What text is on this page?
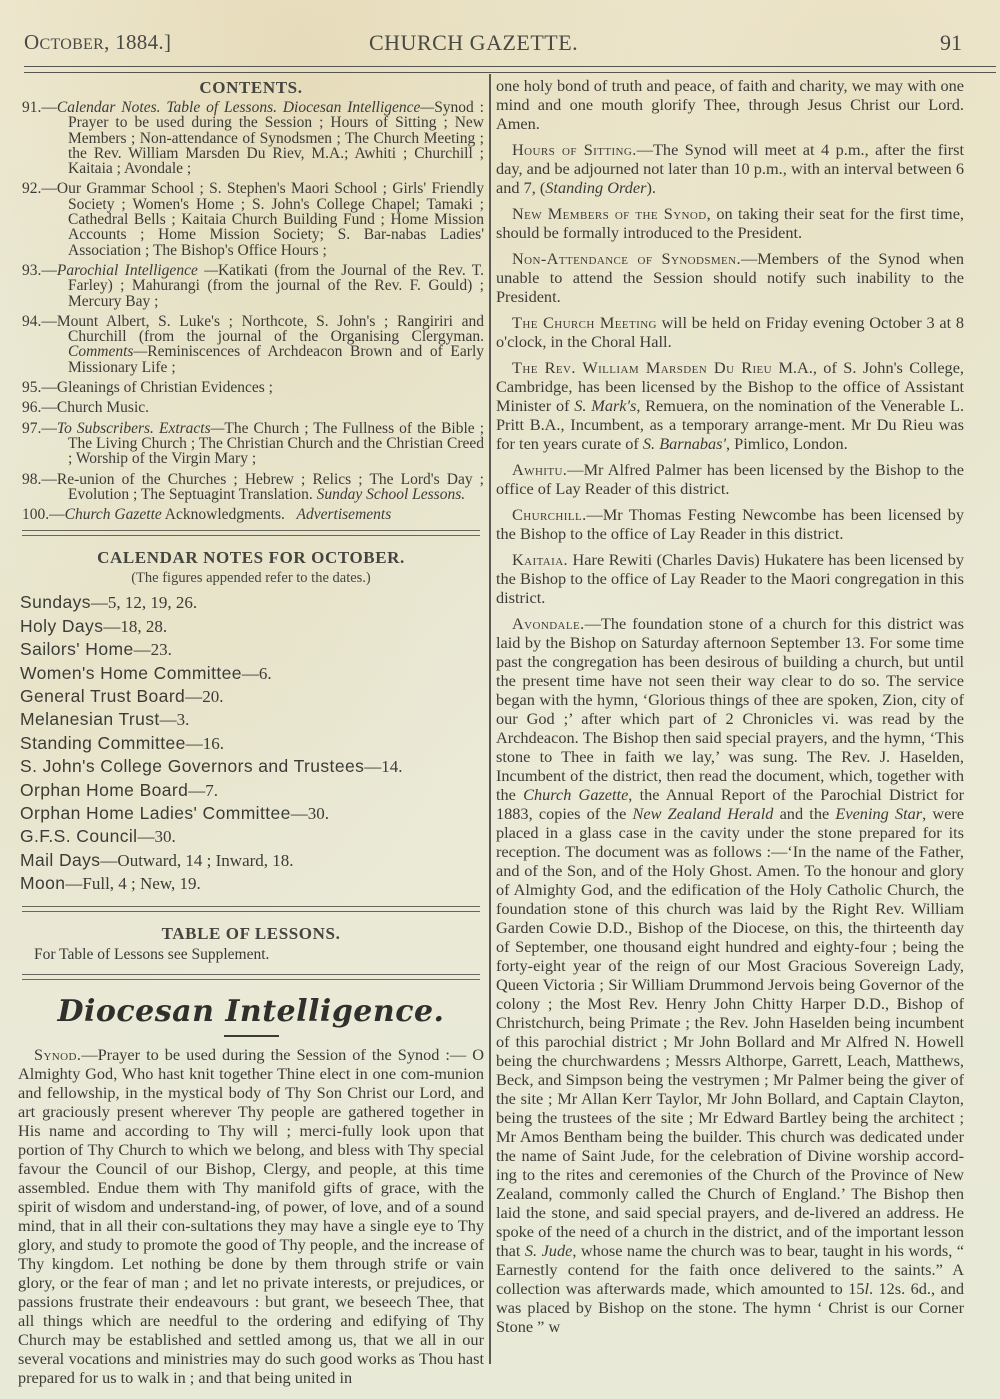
OCTOBER, 1884.]	CHURCH GAZETTE.	91
CONTENTS.
91.—Calendar Notes. Table of Lessons. Diocesan Intelligence—Synod : Prayer to be used during the Session ; Hours of Sitting ; New Members ; Non-attendance of Synodsmen ; The Church Meeting ; the Rev. William Marsden Du Riev, M.A.; Awhiti ; Churchill ; Kaitaia ; Avondale ;
92.—Our Grammar School ; S. Stephen's Maori School ; Girls' Friendly Society ; Women's Home ; S. John's College Chapel; Tamaki ; Cathedral Bells ; Kaitaia Church Building Fund ; Home Mission Accounts ; Home Mission Society; S. Bar-nabas Ladies' Association ; The Bishop's Office Hours ;
93.—Parochial Intelligence —Katikati (from the Journal of the Rev. T. Farley) ; Mahurangi (from the journal of the Rev. F. Gould) ; Mercury Bay ;
94.—Mount Albert, S. Luke's ; Northcote, S. John's ; Rangiriri and Churchill (from the journal of the Organising Clergyman. Comments—Reminiscences of Archdeacon Brown and of Early Missionary Life ;
95.—Gleanings of Christian Evidences ;
96.—Church Music.
97.—To Subscribers. Extracts—The Church ; The Fullness of the Bible ; The Living Church ; The Christian Church and the Christian Creed ; Worship of the Virgin Mary ;
98.—Re-union of the Churches ; Hebrew ; Relics ; The Lord's Day ; Evolution ; The Septuagint Translation. Sunday School Lessons.
100.—Church Gazette Acknowledgments. Advertisements
CALENDAR NOTES FOR OCTOBER.
(The figures appended refer to the dates.)
Sundays—5, 12, 19, 26.
Holy Days—18, 28.
Sailors' Home—23.
Women's Home Committee—6.
General Trust Board—20.
Melanesian Trust—3.
Standing Committee—16.
S. John's College Governors and Trustees—14.
Orphan Home Board—7.
Orphan Home Ladies' Committee—30.
G.F.S. Council—30.
Mail Days—Outward, 14 ; Inward, 18.
Moon—Full, 4 ; New, 19.
TABLE OF LESSONS.
For Table of Lessons see Supplement.
Diocesan Intelligence.

Synod.—Prayer to be used during the Session of the Synod :— O Almighty God, Who hast knit together Thine elect in one com-munion and fellowship, in the mystical body of Thy Son Christ our Lord, and art graciously present wherever Thy people are gathered together in His name and according to Thy will ; merci-fully look upon that portion of Thy Church to which we belong, and bless with Thy special favour the Council of our Bishop, Clergy, and people, at this time assembled. Endue them with Thy manifold gifts of grace, with the spirit of wisdom and understand-ing, of power, of love, and of a sound mind, that in all their con-sultations they may have a single eye to Thy glory, and study to promote the good of Thy people, and the increase of Thy kingdom. Let nothing be done by them through strife or vain glory, or the fear of man ; and let no private interests, or prejudices, or passions frustrate their endeavours : but grant, we beseech Thee, that all things which are needful to the ordering and edifying of Thy Church may be established and settled among us, that we all in our several vocations and ministries may do such good works as Thou hast prepared for us to walk in ; and that being united in

one holy bond of truth and peace, of faith and charity, we may with one mind and one mouth glorify Thee, through Jesus Christ our Lord. Amen.

Hours of Sitting.—The Synod will meet at 4 p.m., after the first day, and be adjourned not later than 10 p.m., with an interval between 6 and 7, (Standing Order).

New Members of the Synod, on taking their seat for the first time, should be formally introduced to the President.

Non-Attendance of Synodsmen.—Members of the Synod when unable to attend the Session should notify such inability to the President.

The Church Meeting will be held on Friday evening October 3 at 8 o'clock, in the Choral Hall.

The Rev. William Marsden Du Rieu M.A., of S. John's College, Cambridge, has been licensed by the Bishop to the office of Assistant Minister of S. Mark's, Remuera, on the nomination of the Venerable L. Pritt B.A., Incumbent, as a temporary arrange-ment. Mr Du Rieu was for ten years curate of S. Barnabas', Pimlico, London.

Awhitu.—Mr Alfred Palmer has been licensed by the Bishop to the office of Lay Reader of this district.

Churchill.—Mr Thomas Festing Newcombe has been licensed by the Bishop to the office of Lay Reader in this district.

Kaitaia. Hare Rewiti (Charles Davis) Hukatere has been licensed by the Bishop to the office of Lay Reader to the Maori congregation in this district.

Avondale.—The foundation stone of a church for this district was laid by the Bishop on Saturday afternoon September 13. For some time past the congregation has been desirous of building a church, but until the present time have not seen their way clear to do so. The service began with the hymn, ‘Glorious things of thee are spoken, Zion, city of our God ;’ after which part of 2 Chronicles vi. was read by the Archdeacon. The Bishop then said special prayers, and the hymn, ‘This stone to Thee in faith we lay,’ was sung. The Rev. J. Haselden, Incumbent of the district, then read the document, which, together with the Church Gazette, the Annual Report of the Parochial District for 1883, copies of the New Zealand Herald and the Evening Star, were placed in a glass case in the cavity under the stone prepared for its reception. The document was as follows :—‘In the name of the Father, and of the Son, and of the Holy Ghost. Amen. To the honour and glory of Almighty God, and the edification of the Holy Catholic Church, the foundation stone of this church was laid by the Right Rev. William Garden Cowie D.D., Bishop of the Diocese, on this, the thirteenth day of September, one thousand eight hundred and eighty-four ; being the forty-eight year of the reign of our Most Gracious Sovereign Lady, Queen Victoria ; Sir William Drummond Jervois being Governor of the colony ; the Most Rev. Henry John Chitty Harper D.D., Bishop of Christchurch, being Primate ; the Rev. John Haselden being incumbent of this parochial district ; Mr John Bollard and Mr Alfred N. Howell being the churchwardens ; Messrs Althorpe, Garrett, Leach, Matthews, Beck, and Simpson being the vestrymen ; Mr Palmer being the giver of the site ; Mr Allan Kerr Taylor, Mr John Bollard, and Captain Clayton, being the trustees of the site ; Mr Edward Bartley being the architect ; Mr Amos Bentham being the builder. This church was dedicated under the name of Saint Jude, for the celebration of Divine worship accord-ing to the rites and ceremonies of the Church of the Province of New Zealand, commonly called the Church of England.’ The Bishop then laid the stone, and said special prayers, and de-livered an address. He spoke of the need of a church in the district, and of the important lesson that S. Jude, whose name the church was to bear, taught in his words, “ Earnestly contend for the faith once delivered to the saints.” A collection was afterwards made, which amounted to 15l. 12s. 6d., and was placed by Bishop on the stone. The hymn ‘ Christ is our Corner Stone ” w
